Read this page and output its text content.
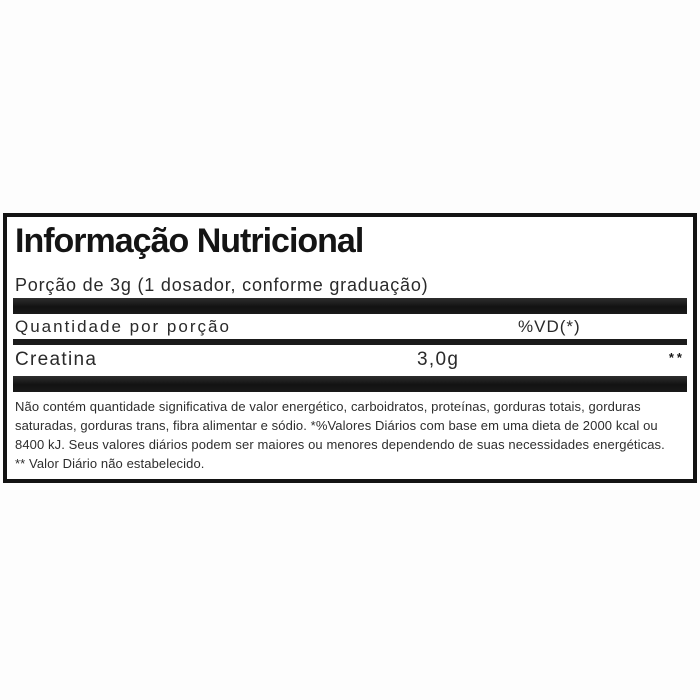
Informação Nutricional
Porção de 3g (1 dosador, conforme graduação)
Quantidade por porção	%VD(*)
Creatina	3,0g	**
Não contém quantidade significativa de valor energético, carboidratos, proteínas, gorduras totais, gorduras
saturadas, gorduras trans, fibra alimentar e sódio. *%Valores Diários com base em uma dieta de 2000 kcal ou
8400 kJ. Seus valores diários podem ser maiores ou menores dependendo de suas necessidades energéticas.
** Valor Diário não estabelecido.
